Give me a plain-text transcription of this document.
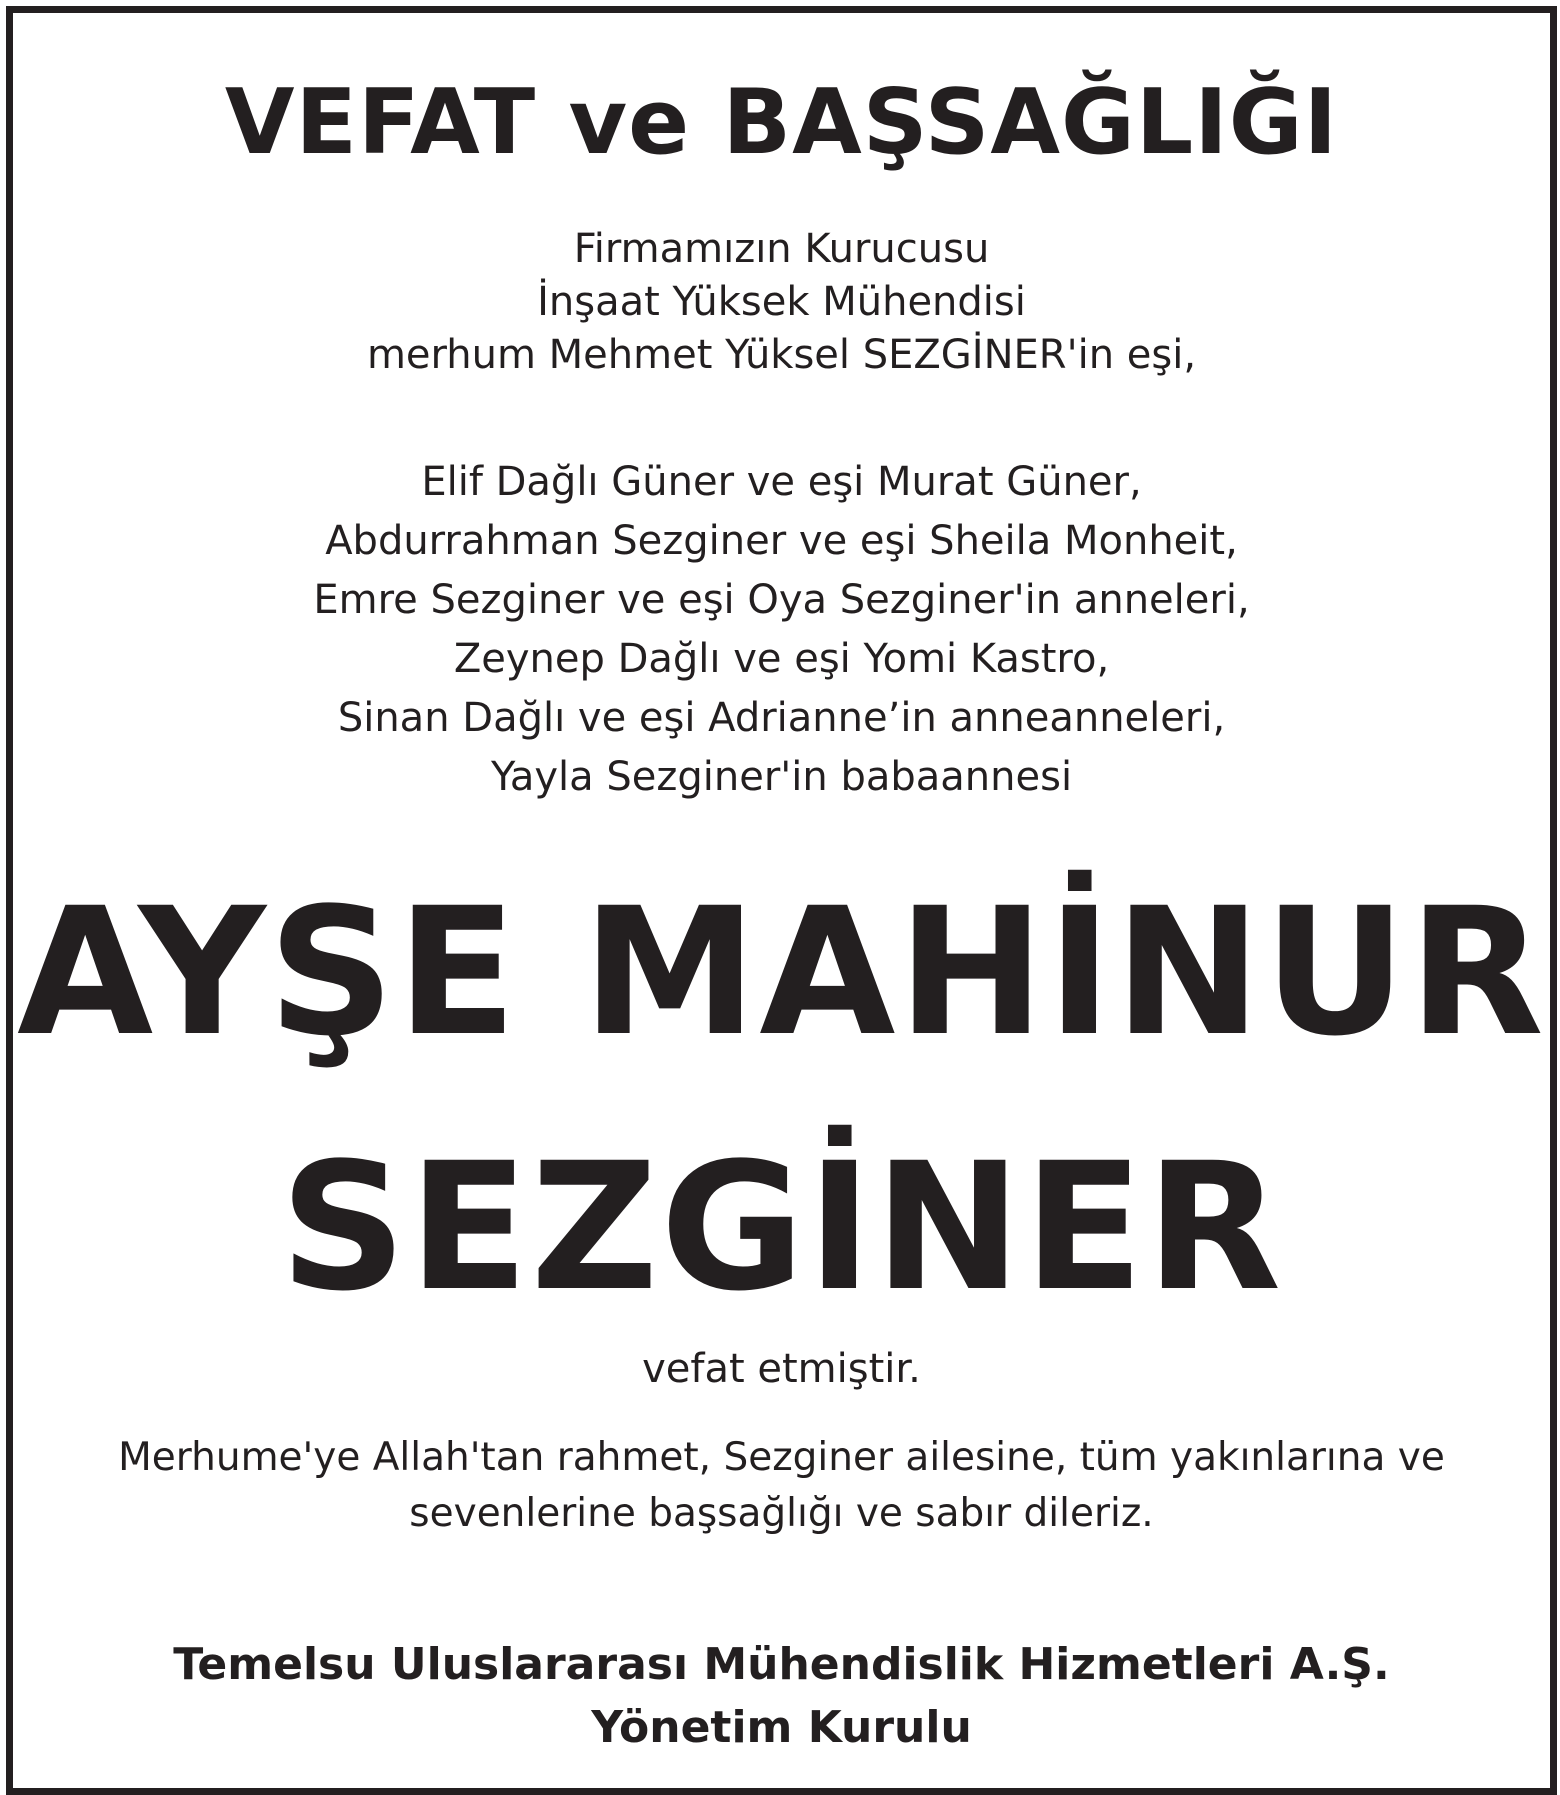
VEFAT ve BAŞSAĞLIĞI
Firmamızın Kurucusu
İnşaat Yüksek Mühendisi
merhum Mehmet Yüksel SEZGİNER'in eşi,
Elif Dağlı Güner ve eşi Murat Güner,
Abdurrahman Sezginer ve eşi Sheila Monheit,
Emre Sezginer ve eşi Oya Sezginer'in anneleri,
Zeynep Dağlı ve eşi Yomi Kastro,
Sinan Dağlı ve eşi Adrianne’in anneanneleri,
Yayla Sezginer'in babaannesi
AYŞE MAHİNUR
SEZGİNER
vefat etmiştir.
Merhume'ye Allah'tan rahmet, Sezginer ailesine, tüm yakınlarına ve
sevenlerine başsağlığı ve sabır dileriz.
Temelsu Uluslararası Mühendislik Hizmetleri A.Ş.
Yönetim Kurulu
